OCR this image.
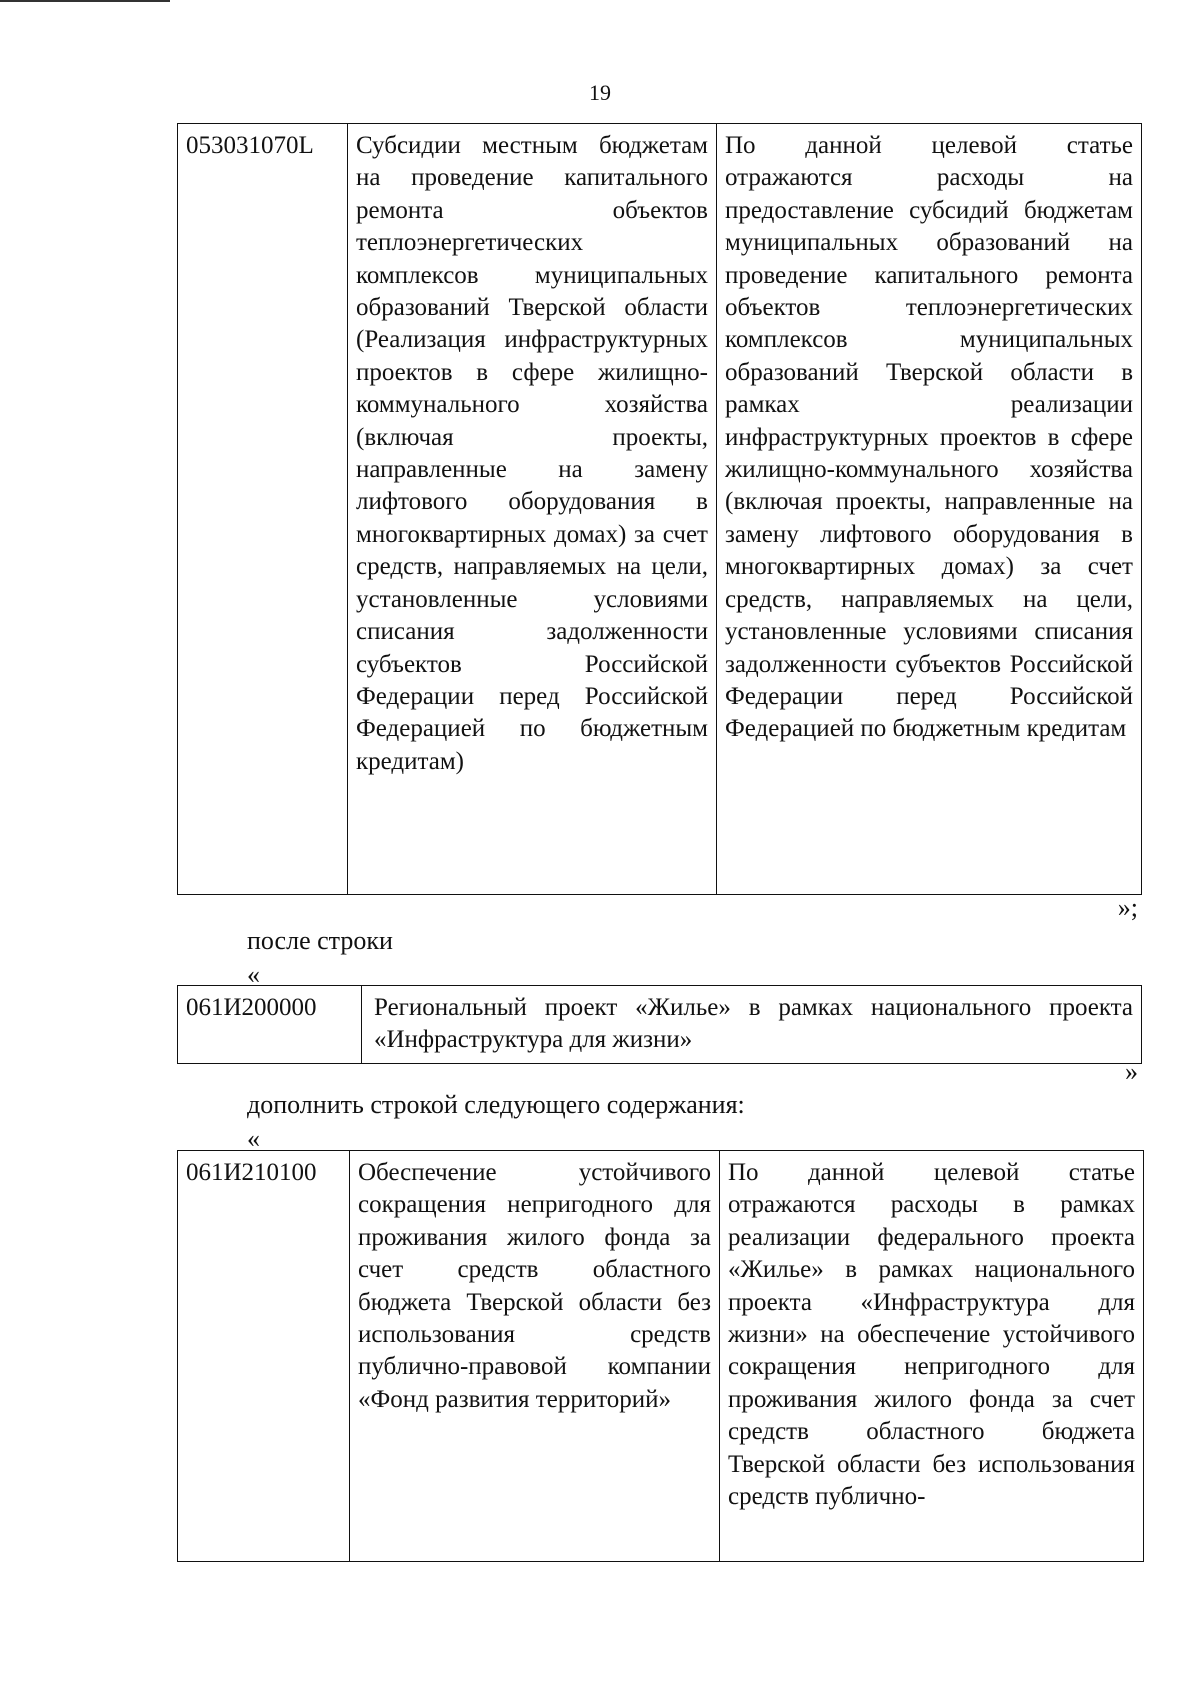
19
053031070L	Субсидии местным бюджетам на проведение капитального ремонта объектов теплоэнергетических комплексов муниципальных образований Тверской области (Реализация инфраструктурных проектов в сфере жилищно-коммунального хозяйства (включая проекты, направленные на замену лифтового оборудования в многоквартирных домах) за счет средств, направляемых на цели, установленные условиями списания задолженности субъектов Российской Федерации перед Российской Федерацией по бюджетным кредитам)	По данной целевой статье отражаются расходы на предоставление субсидий бюджетам муниципальных образований на проведение капитального ремонта объектов теплоэнергетических комплексов муниципальных образований Тверской области в рамках реализации инфраструктурных проектов в сфере жилищно-коммунального хозяйства (включая проекты, направленные на замену лифтового оборудования в многоквартирных домах) за счет средств, направляемых на цели, установленные условиями списания задолженности субъектов Российской Федерации перед Российской Федерацией по бюджетным кредитам
»;
после строки
«
061И200000	Региональный проект «Жилье» в рамках национального проекта «Инфраструктура для жизни»
»
дополнить строкой следующего содержания:
«
061И210100	Обеспечение устойчивого сокращения непригодного для проживания жилого фонда за счет средств областного бюджета Тверской области без использования средств публично-правовой компании «Фонд развития территорий»	По данной целевой статье отражаются расходы в рамках реализации федерального проекта «Жилье» в рамках национального проекта «Инфраструктура для жизни» на обеспечение устойчивого сокращения непригодного для проживания жилого фонда за счет средств областного бюджета Тверской области без использования средств публично-
